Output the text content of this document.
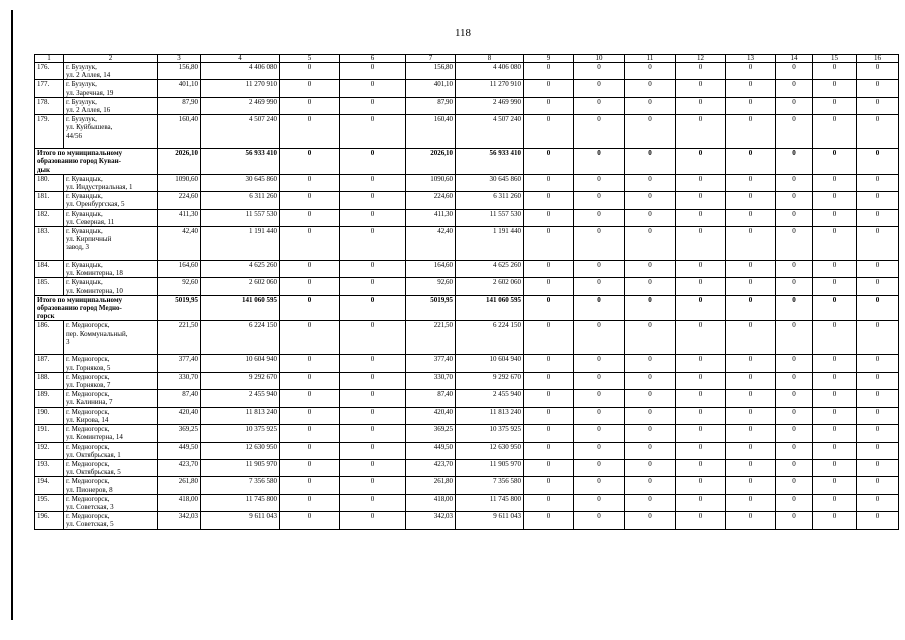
118
1	2	3	4	5	6	7	8	9	10	11	12	13	14	15	16
176.	г. Бузулук,
ул. 2 Аллея, 14	156,80	4 406 080	0	0	156,80	4 406 080	0	0	0	0	0	0	0	0
177.	г. Бузулук,
ул. Заречная, 19	401,10	11 270 910	0	0	401,10	11 270 910	0	0	0	0	0	0	0	0
178.	г. Бузулук,
ул. 2 Аллея, 16	87,90	2 469 990	0	0	87,90	2 469 990	0	0	0	0	0	0	0	0
179.	г. Бузулук,
ул. Куйбышева,
44/56	160,40	4 507 240	0	0	160,40	4 507 240	0	0	0	0	0	0	0	0

Итого по муниципальному
образованию город Куван-
дык		2026,10	56 933 410	0	0	2026,10	56 933 410	0	0	0	0	0	0	0	0
180.	г. Кувандык,
ул. Индустриальная, 1	1090,60	30 645 860	0	0	1090,60	30 645 860	0	0	0	0	0	0	0	0
181.	г. Кувандык,
ул. Оренбургская, 5	224,60	6 311 260	0	0	224,60	6 311 260	0	0	0	0	0	0	0	0
182.	г. Кувандык,
ул. Северная, 11	411,30	11 557 530	0	0	411,30	11 557 530	0	0	0	0	0	0	0	0
183.	г. Кувандык,
ул. Кирпичный
завод, 3	42,40	1 191 440	0	0	42,40	1 191 440	0	0	0	0	0	0	0	0
184.	г. Кувандык,
ул. Коминтерна, 18	164,60	4 625 260	0	0	164,60	4 625 260	0	0	0	0	0	0	0	0
185.	г. Кувандык,
ул. Коминтерна, 10	92,60	2 602 060	0	0	92,60	2 602 060	0	0	0	0	0	0	0	0

Итого по муниципальному
образованию город Медно-
горск		5019,95	141 060 595	0	0	5019,95	141 060 595	0	0	0	0	0	0	0	0
186.	г. Медногорск,
пер. Коммунальный,
3	221,50	6 224 150	0	0	221,50	6 224 150	0	0	0	0	0	0	0	0
187.	г. Медногорск,
ул. Горняков, 5	377,40	10 604 940	0	0	377,40	10 604 940	0	0	0	0	0	0	0	0
188.	г. Медногорск,
ул. Горняков, 7	330,70	9 292 670	0	0	330,70	9 292 670	0	0	0	0	0	0	0	0
189.	г. Медногорск,
ул. Калинина, 7	87,40	2 455 940	0	0	87,40	2 455 940	0	0	0	0	0	0	0	0
190.	г. Медногорск,
ул. Кирова, 14	420,40	11 813 240	0	0	420,40	11 813 240	0	0	0	0	0	0	0	0
191.	г. Медногорск,
ул. Коминтерна, 14	369,25	10 375 925	0	0	369,25	10 375 925	0	0	0	0	0	0	0	0
192.	г. Медногорск,
ул. Октябрьская, 1	449,50	12 630 950	0	0	449,50	12 630 950	0	0	0	0	0	0	0	0
193.	г. Медногорск,
ул. Октябрьская, 5	423,70	11 905 970	0	0	423,70	11 905 970	0	0	0	0	0	0	0	0
194.	г. Медногорск,
ул. Пионеров, 8	261,80	7 356 580	0	0	261,80	7 356 580	0	0	0	0	0	0	0	0
195.	г. Медногорск,
ул. Советская, 3	418,00	11 745 800	0	0	418,00	11 745 800	0	0	0	0	0	0	0	0
196.	г. Медногорск,
ул. Советская, 5	342,03	9 611 043	0	0	342,03	9 611 043	0	0	0	0	0	0	0	0
